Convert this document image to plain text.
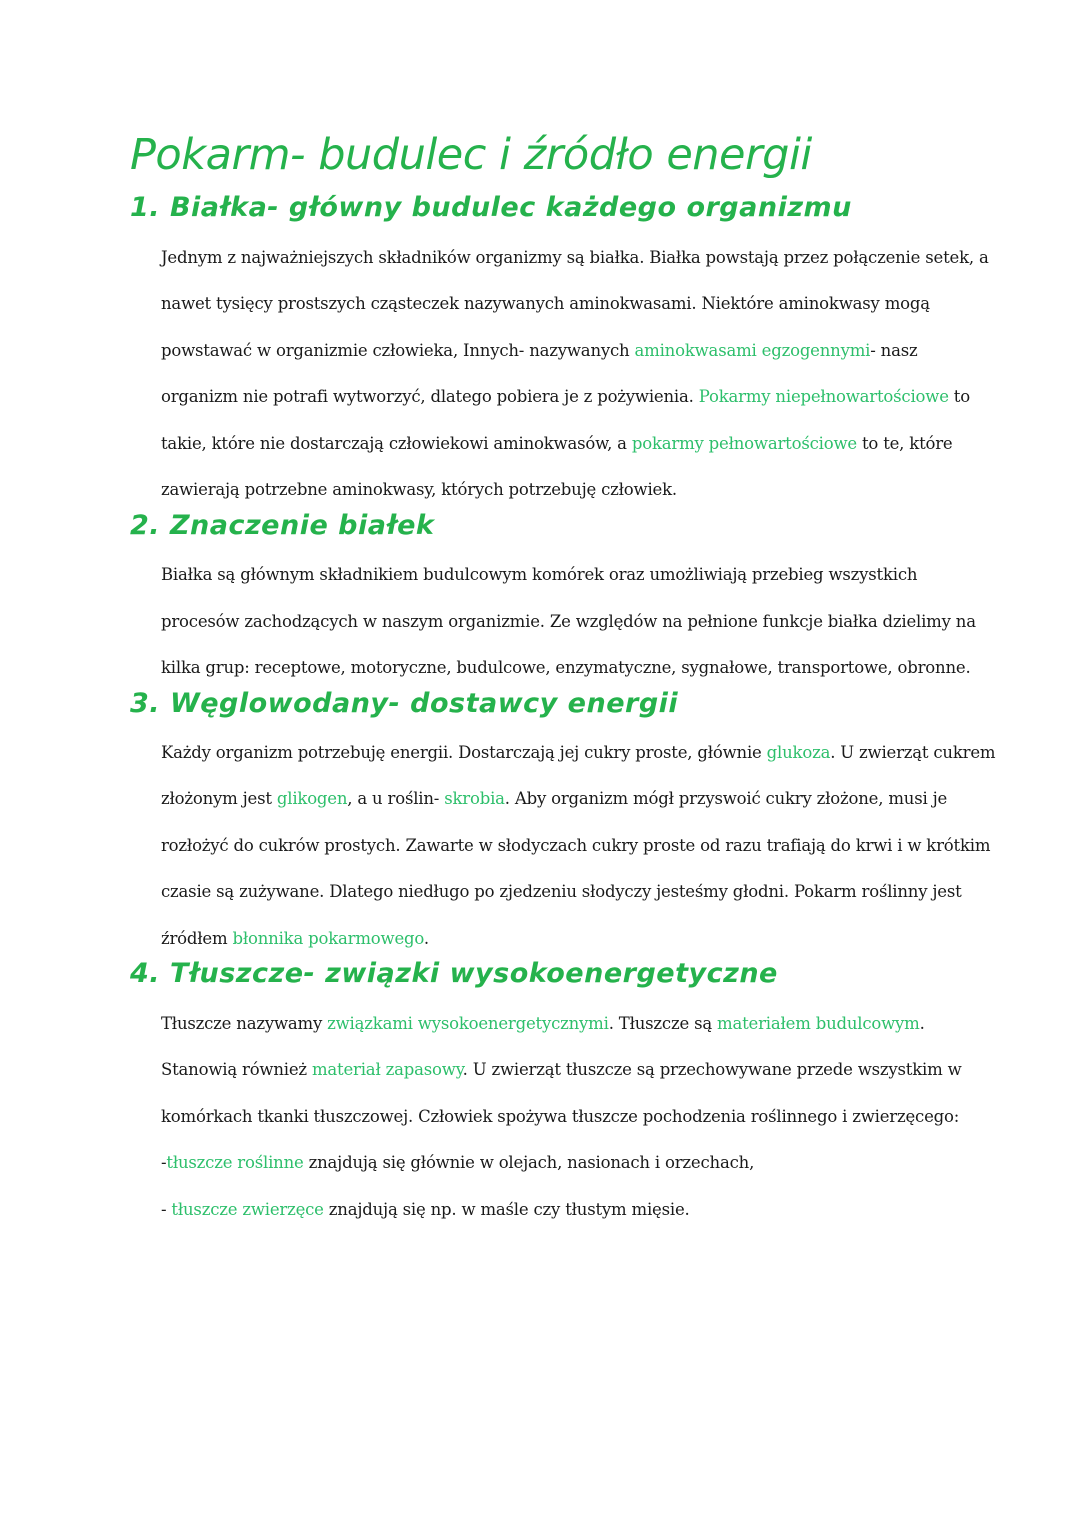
Pokarm- budulec i źródło energii
1. Białka- główny budulec każdego organizmu
Jednym z najważniejszych składników organizmy są białka. Białka powstają przez połączenie setek, a
nawet tysięcy prostszych cząsteczek nazywanych aminokwasami. Niektóre aminokwasy mogą
powstawać w organizmie człowieka, Innych- nazywanych aminokwasami egzogennymi- nasz
organizm nie potrafi wytworzyć, dlatego pobiera je z pożywienia. Pokarmy niepełnowartościowe to
takie, które nie dostarczają człowiekowi aminokwasów, a pokarmy pełnowartościowe to te, które
zawierają potrzebne aminokwasy, których potrzebuję człowiek.
2. Znaczenie białek
Białka są głównym składnikiem budulcowym komórek oraz umożliwiają przebieg wszystkich
procesów zachodzących w naszym organizmie. Ze względów na pełnione funkcje białka dzielimy na
kilka grup: receptowe, motoryczne, budulcowe, enzymatyczne, sygnałowe, transportowe, obronne.
3. Węglowodany- dostawcy energii
Każdy organizm potrzebuję energii. Dostarczają jej cukry proste, głównie glukoza. U zwierząt cukrem
złożonym jest glikogen, a u roślin- skrobia. Aby organizm mógł przyswoić cukry złożone, musi je
rozłożyć do cukrów prostych. Zawarte w słodyczach cukry proste od razu trafiają do krwi i w krótkim
czasie są zużywane. Dlatego niedługo po zjedzeniu słodyczy jesteśmy głodni. Pokarm roślinny jest
źródłem błonnika pokarmowego.
4. Tłuszcze- związki wysokoenergetyczne
Tłuszcze nazywamy związkami wysokoenergetycznymi. Tłuszcze są materiałem budulcowym.
Stanowią również materiał zapasowy. U zwierząt tłuszcze są przechowywane przede wszystkim w
komórkach tkanki tłuszczowej. Człowiek spożywa tłuszcze pochodzenia roślinnego i zwierzęcego:
-tłuszcze roślinne znajdują się głównie w olejach, nasionach i orzechach,
- tłuszcze zwierzęce znajdują się np. w maśle czy tłustym mięsie.
